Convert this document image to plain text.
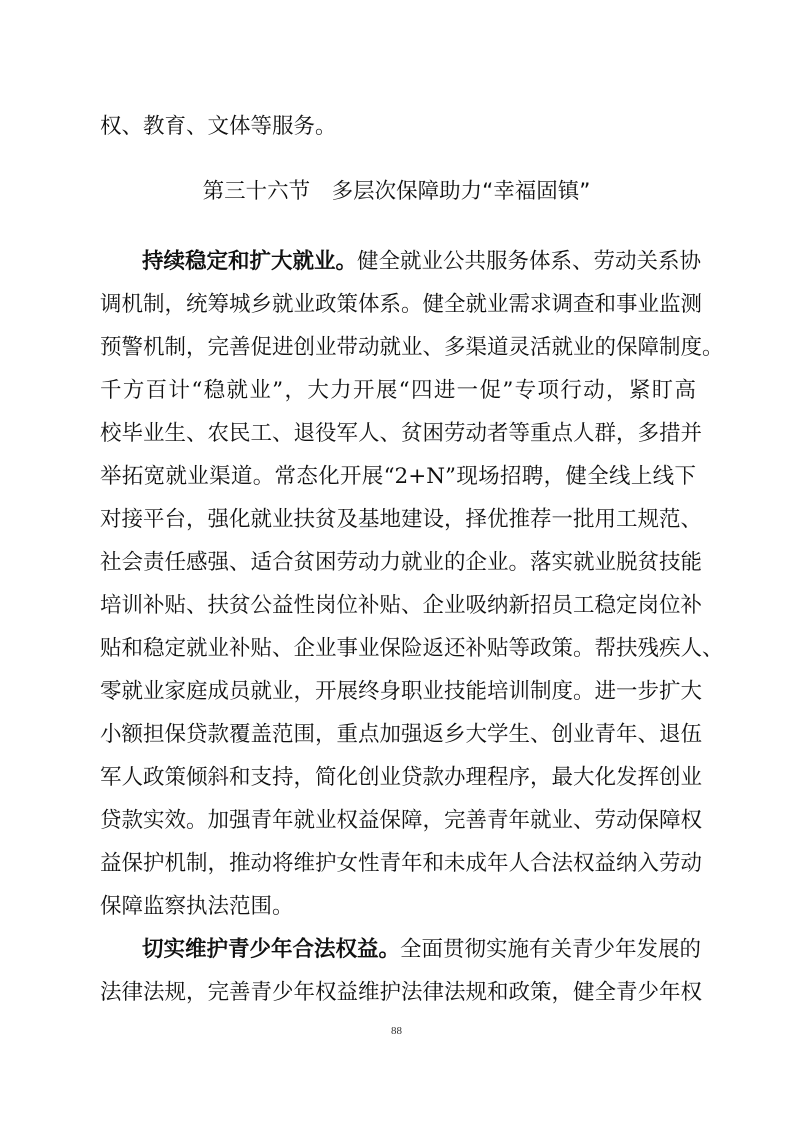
权、教育、文体等服务。
第三十六节　多层次保障助力“幸福固镇”
持续稳定和扩大就业。健全就业公共服务体系、劳动关系协
调机制，统筹城乡就业政策体系。健全就业需求调查和事业监测
预警机制，完善促进创业带动就业、多渠道灵活就业的保障制度。
千方百计“稳就业”，大力开展“四进一促”专项行动，紧盯高
校毕业生、农民工、退役军人、贫困劳动者等重点人群，多措并
举拓宽就业渠道。常态化开展“2+N”现场招聘，健全线上线下
对接平台，强化就业扶贫及基地建设，择优推荐一批用工规范、
社会责任感强、适合贫困劳动力就业的企业。落实就业脱贫技能
培训补贴、扶贫公益性岗位补贴、企业吸纳新招员工稳定岗位补
贴和稳定就业补贴、企业事业保险返还补贴等政策。帮扶残疾人、
零就业家庭成员就业，开展终身职业技能培训制度。进一步扩大
小额担保贷款覆盖范围，重点加强返乡大学生、创业青年、退伍
军人政策倾斜和支持，简化创业贷款办理程序，最大化发挥创业
贷款实效。加强青年就业权益保障，完善青年就业、劳动保障权
益保护机制，推动将维护女性青年和未成年人合法权益纳入劳动
保障监察执法范围。
切实维护青少年合法权益。全面贯彻实施有关青少年发展的
法律法规，完善青少年权益维护法律法规和政策，健全青少年权
88
